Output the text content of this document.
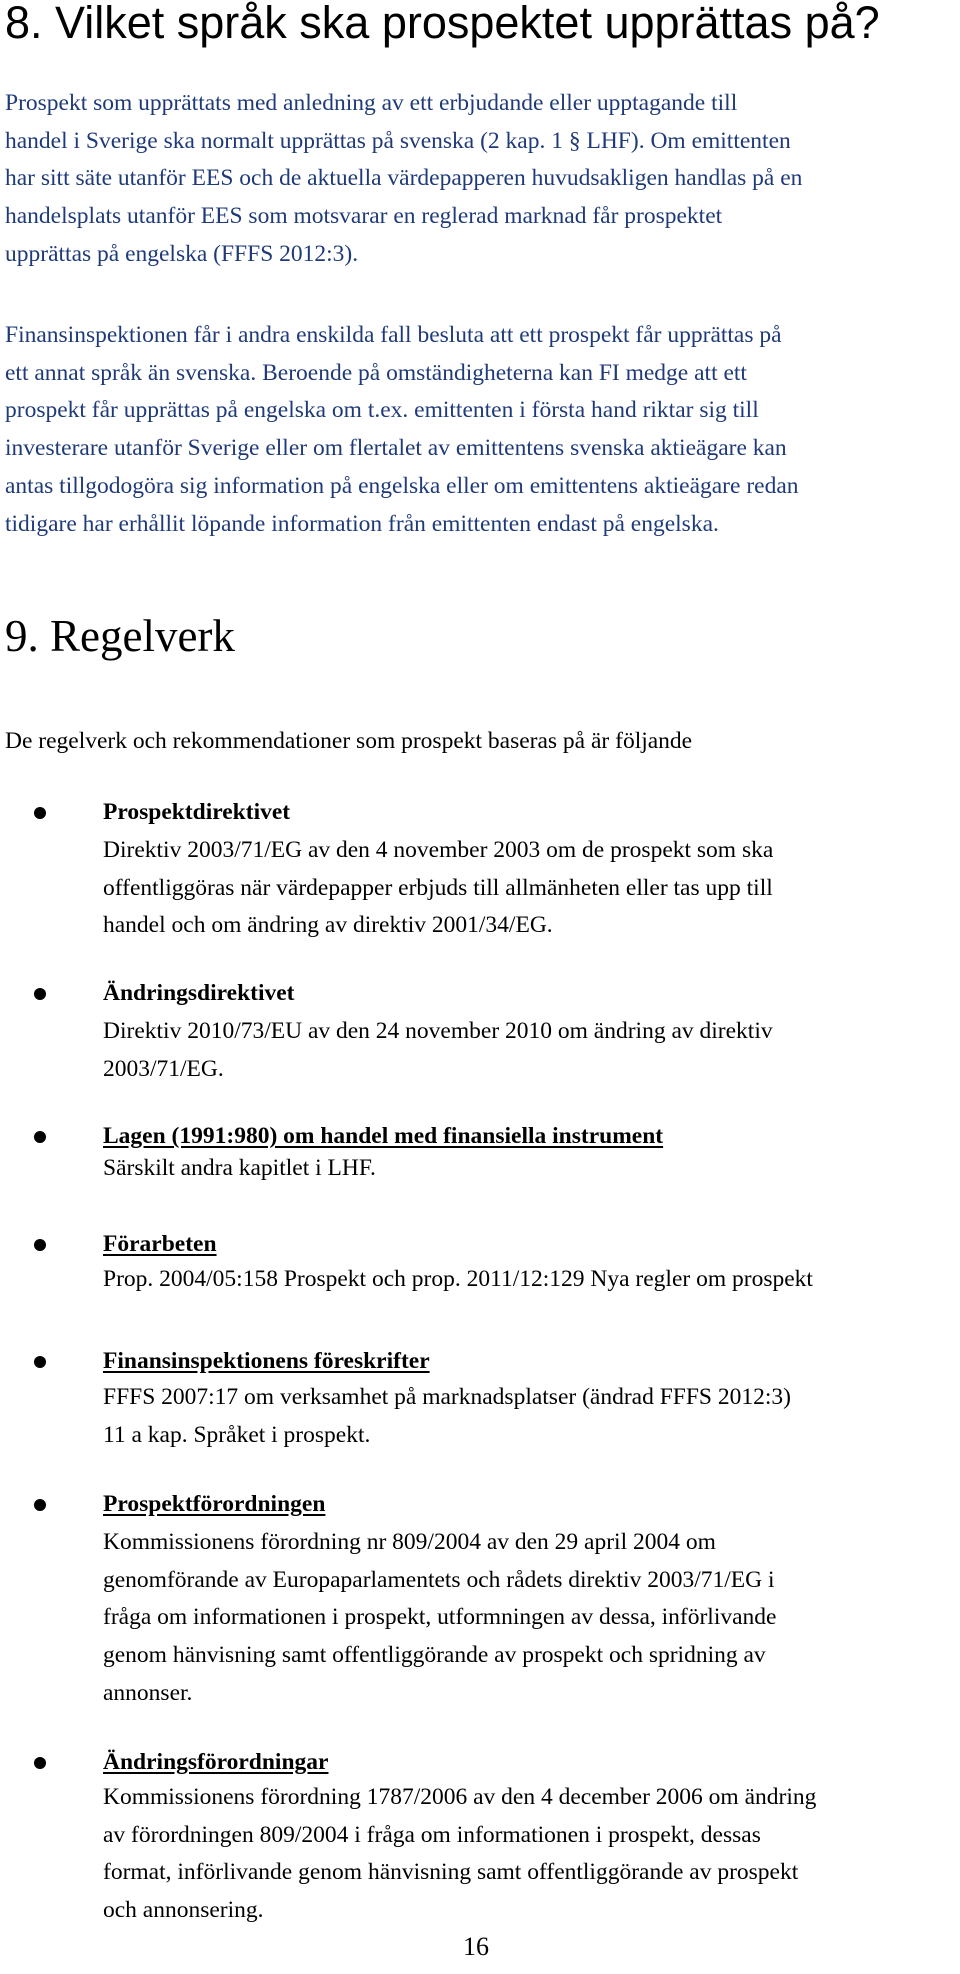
8. Vilket språk ska prospektet upprättas på?
Prospekt som upprättats med anledning av ett erbjudande eller upptagande till
handel i Sverige ska normalt upprättas på svenska (2 kap. 1 § LHF). Om emittenten
har sitt säte utanför EES och de aktuella värdepapperen huvudsakligen handlas på en
handelsplats utanför EES som motsvarar en reglerad marknad får prospektet
upprättas på engelska (FFFS 2012:3).
Finansinspektionen får i andra enskilda fall besluta att ett prospekt får upprättas på
ett annat språk än svenska. Beroende på omständigheterna kan FI medge att ett
prospekt får upprättas på engelska om t.ex. emittenten i första hand riktar sig till
investerare utanför Sverige eller om flertalet av emittentens svenska aktieägare kan
antas tillgodogöra sig information på engelska eller om emittentens aktieägare redan
tidigare har erhållit löpande information från emittenten endast på engelska.
9. Regelverk
De regelverk och rekommendationer som prospekt baseras på är följande

Prospektdirektivet

Direktiv 2003/71/EG av den 4 november 2003 om de prospekt som ska
offentliggöras när värdepapper erbjuds till allmänheten eller tas upp till
handel och om ändring av direktiv 2001/34/EG.

Ändringsdirektivet

Direktiv 2010/73/EU av den 24 november 2010 om ändring av direktiv
2003/71/EG.

Lagen (1991:980) om handel med finansiella instrument

Särskilt andra kapitlet i LHF.

Förarbeten

Prop. 2004/05:158 Prospekt och prop. 2011/12:129 Nya regler om prospekt

Finansinspektionens föreskrifter

FFFS 2007:17 om verksamhet på marknadsplatser (ändrad FFFS 2012:3)
11 a kap. Språket i prospekt.

Prospektförordningen

Kommissionens förordning nr 809/2004 av den 29 april 2004 om
genomförande av Europaparlamentets och rådets direktiv 2003/71/EG i
fråga om informationen i prospekt, utformningen av dessa, införlivande
genom hänvisning samt offentliggörande av prospekt och spridning av
annonser.

Ändringsförordningar

Kommissionens förordning 1787/2006 av den 4 december 2006 om ändring
av förordningen 809/2004 i fråga om informationen i prospekt, dessas
format, införlivande genom hänvisning samt offentliggörande av prospekt
och annonsering.
16
